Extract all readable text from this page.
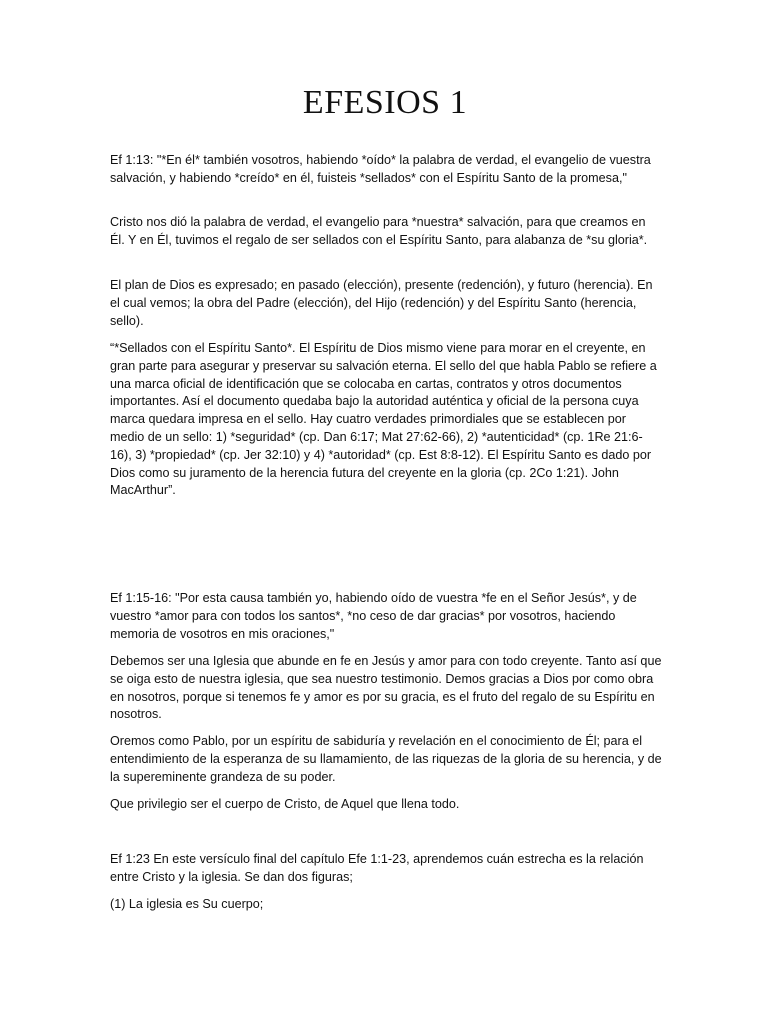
EFESIOS 1

Ef 1:13: "*En él* también vosotros, habiendo *oído* la palabra de verdad, el evangelio de vuestra salvación, y habiendo *creído* en él, fuisteis *sellados* con el Espíritu Santo de la promesa,"

Cristo nos dió la palabra de verdad, el evangelio para *nuestra* salvación, para que creamos en Él. Y en Él, tuvimos el regalo de ser sellados con el Espíritu Santo, para alabanza de *su gloria*.

El plan de Dios es expresado; en pasado (elección), presente (redención), y futuro (herencia). En el cual vemos; la obra del Padre (elección), del Hijo (redención) y del Espíritu Santo (herencia, sello).

“*Sellados con el Espíritu Santo*. El Espíritu de Dios mismo viene para morar en el creyente, en gran parte para asegurar y preservar su salvación eterna. El sello del que habla Pablo se refiere a una marca oficial de identificación que se colocaba en cartas, contratos y otros documentos importantes. Así el documento quedaba bajo la autoridad auténtica y oficial de la persona cuya marca quedara impresa en el sello. Hay cuatro verdades primordiales que se establecen por medio de un sello: 1) *seguridad* (cp. Dan 6:17; Mat 27:62-66), 2) *autenticidad* (cp. 1Re 21:6-16), 3) *propiedad* (cp. Jer 32:10) y 4) *autoridad* (cp. Est 8:8-12). El Espíritu Santo es dado por Dios como su juramento de la herencia futura del creyente en la gloria (cp. 2Co 1:21). John MacArthur”.

Ef 1:15-16: "Por esta causa también yo, habiendo oído de vuestra *fe en el Señor Jesús*, y de vuestro *amor para con todos los santos*, *no ceso de dar gracias* por vosotros, haciendo memoria de vosotros en mis oraciones,"

Debemos ser una Iglesia que abunde en fe en Jesús y amor para con todo creyente. Tanto así que se oiga esto de nuestra iglesia, que sea nuestro testimonio. Demos gracias a Dios por como obra en nosotros, porque si tenemos fe y amor es por su gracia, es el fruto del regalo de su Espíritu en nosotros.

Oremos como Pablo, por un espíritu de sabiduría y revelación en el conocimiento de Él; para el entendimiento de la esperanza de su llamamiento, de las riquezas de la gloria de su herencia, y de la supereminente grandeza de su poder.

Que privilegio ser el cuerpo de Cristo, de Aquel que llena todo.

Ef 1:23 En este versículo final del capítulo Efe 1:1-23, aprendemos cuán estrecha es la relación entre Cristo y la iglesia. Se dan dos figuras;

(1) La iglesia es Su cuerpo;
